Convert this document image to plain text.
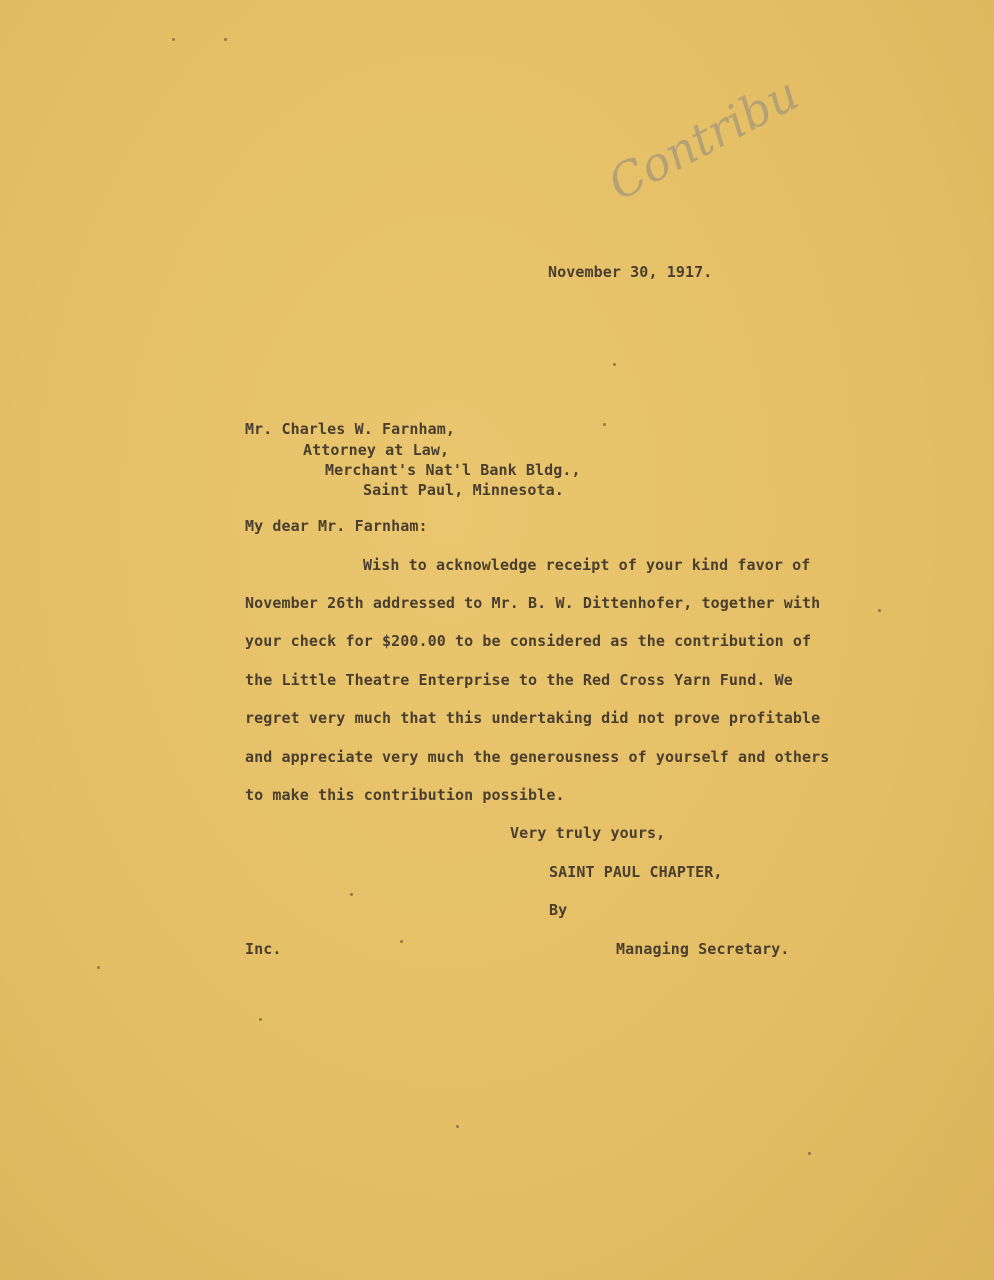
Contribu
November 30, 1917.
Mr. Charles W. Farnham,
Attorney at Law,
Merchant's Nat'l Bank Bldg.,
Saint Paul, Minnesota.
My dear Mr. Farnham:
Wish to acknowledge receipt of your kind favor of
November 26th addressed to Mr. B. W. Dittenhofer, together with
your check for $200.00 to be considered as the contribution of
the Little Theatre Enterprise to the Red Cross Yarn Fund. We
regret very much that this undertaking did not prove profitable
and appreciate very much the generousness of yourself and others
to make this contribution possible.
Very truly yours,
SAINT PAUL CHAPTER,
By
Inc.	Managing Secretary.
